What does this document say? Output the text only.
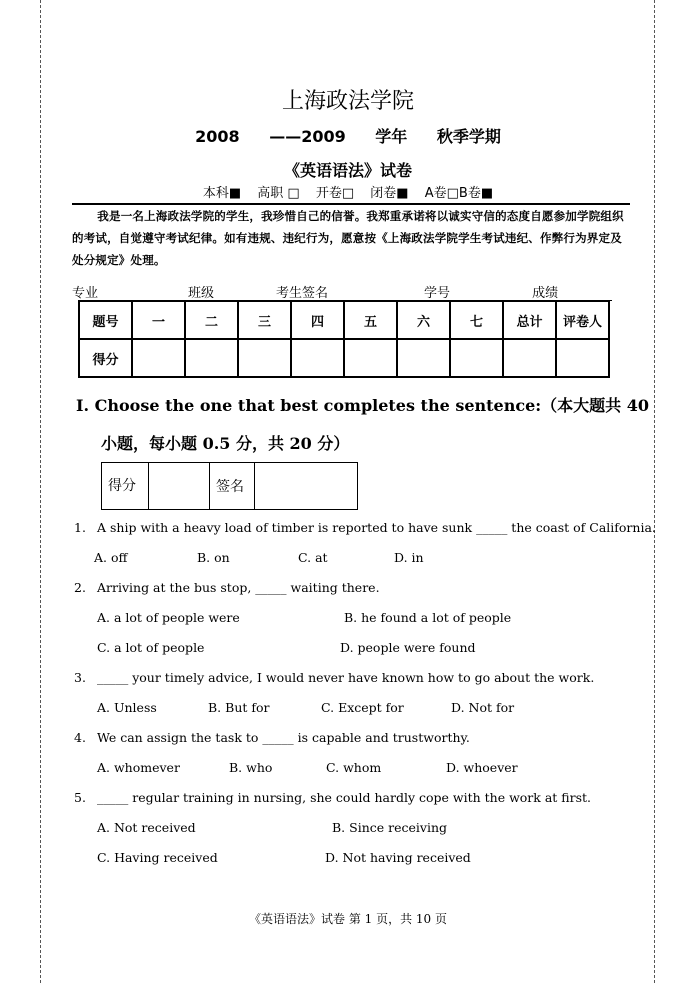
上海政法学院
2008 ——2009 学年 秋季学期
《英语语法》试卷
本科■ 高职 □ 开卷□ 闭卷■ A卷□B卷■

我是一名上海政法学院的学生，我珍惜自己的信誉。我郑重承诺将以诚实守信的态度自愿参加学院组织的考试，自觉遵守考试纪律。如有违规、违纪行为，愿意按《上海政法学院学生考试违纪、作弊行为界定及处分规定》处理。

专业	班级	考生签名	学号	成绩
题号	一	二	三	四	五	六	七	总计	评卷人
得分									
I. Choose the one that best completes the sentence:（本大题共 40
小题，每小题 0.5 分，共 20 分）
得分		签名	
1. A ship with a heavy load of timber is reported to have sunk _____ the coast of California.
A. off	B. on	C. at	D. in
2. Arriving at the bus stop, _____ waiting there.
A. a lot of people were	B. he found a lot of people
C. a lot of people	D. people were found
3. _____ your timely advice, I would never have known how to go about the work.
A. Unless	B. But for	C. Except for	D. Not for
4. We can assign the task to _____ is capable and trustworthy.
A. whomever	B. who	C. whom	D. whoever
5. _____ regular training in nursing, she could hardly cope with the work at first.
A. Not received	B. Since receiving
C. Having received	D. Not having received
《英语语法》试卷 第 1 页，共 10 页
